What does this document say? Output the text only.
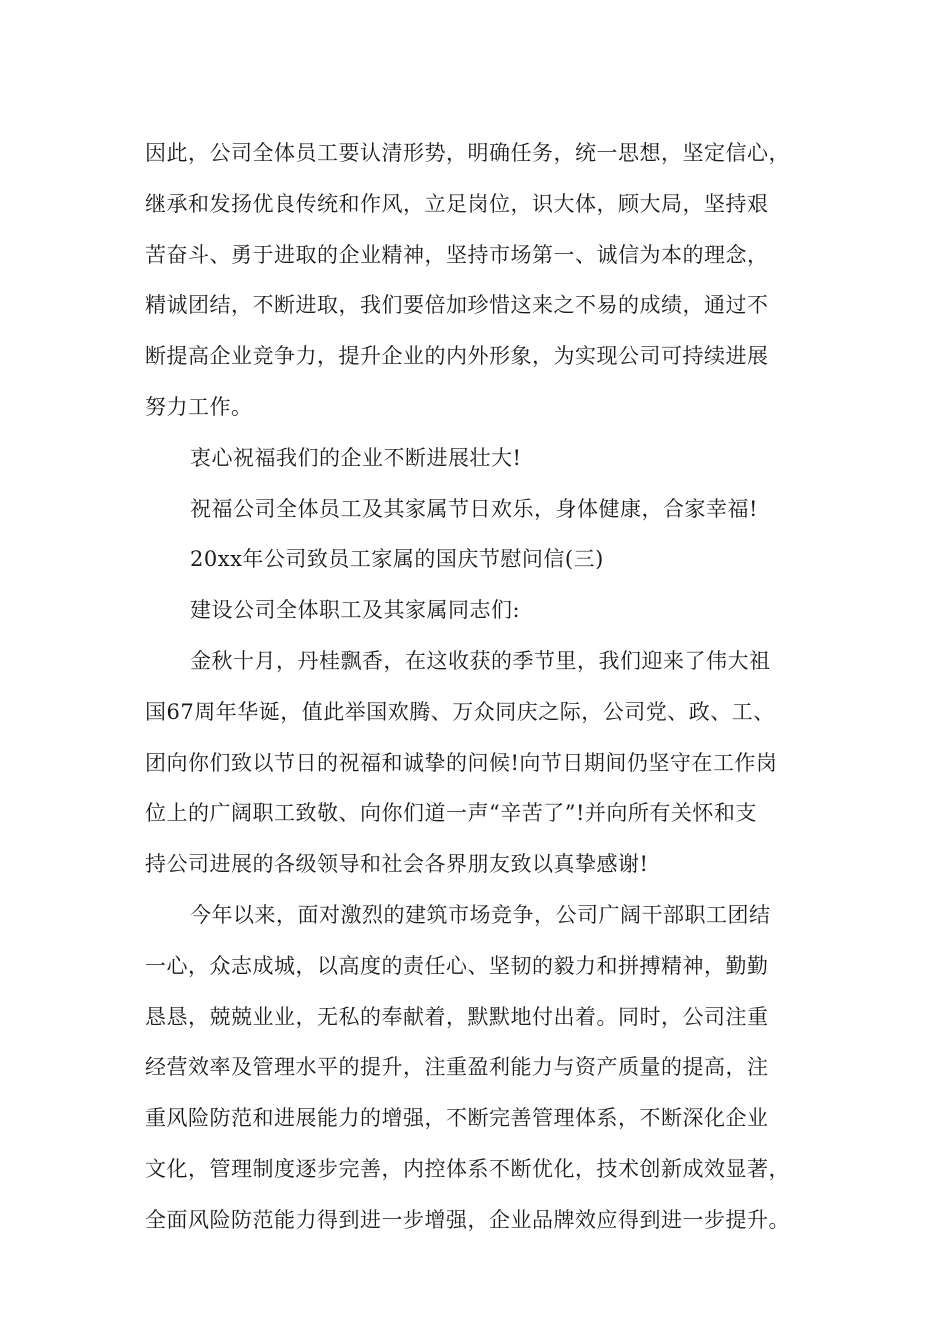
因此，公司全体员工要认清形势，明确任务，统一思想，坚定信心，
继承和发扬优良传统和作风，立足岗位，识大体，顾大局，坚持艰
苦奋斗、勇于进取的企业精神，坚持市场第一、诚信为本的理念，
精诚团结，不断进取，我们要倍加珍惜这来之不易的成绩，通过不
断提高企业竞争力，提升企业的内外形象，为实现公司可持续进展
努力工作。
衷心祝福我们的企业不断进展壮大!
祝福公司全体员工及其家属节日欢乐，身体健康，合家幸福!
20xx年公司致员工家属的国庆节慰问信(三)
建设公司全体职工及其家属同志们:
金秋十月，丹桂飘香，在这收获的季节里，我们迎来了伟大祖
国67周年华诞，值此举国欢腾、万众同庆之际，公司党、政、工、
团向你们致以节日的祝福和诚挚的问候!向节日期间仍坚守在工作岗
位上的广阔职工致敬、向你们道一声“辛苦了”!并向所有关怀和支
持公司进展的各级领导和社会各界朋友致以真挚感谢!
今年以来，面对激烈的建筑市场竞争，公司广阔干部职工团结
一心，众志成城，以高度的责任心、坚韧的毅力和拼搏精神，勤勤
恳恳，兢兢业业，无私的奉献着，默默地付出着。同时，公司注重
经营效率及管理水平的提升，注重盈利能力与资产质量的提高，注
重风险防范和进展能力的增强，不断完善管理体系，不断深化企业
文化，管理制度逐步完善，内控体系不断优化，技术创新成效显著，
全面风险防范能力得到进一步增强，企业品牌效应得到进一步提升。
